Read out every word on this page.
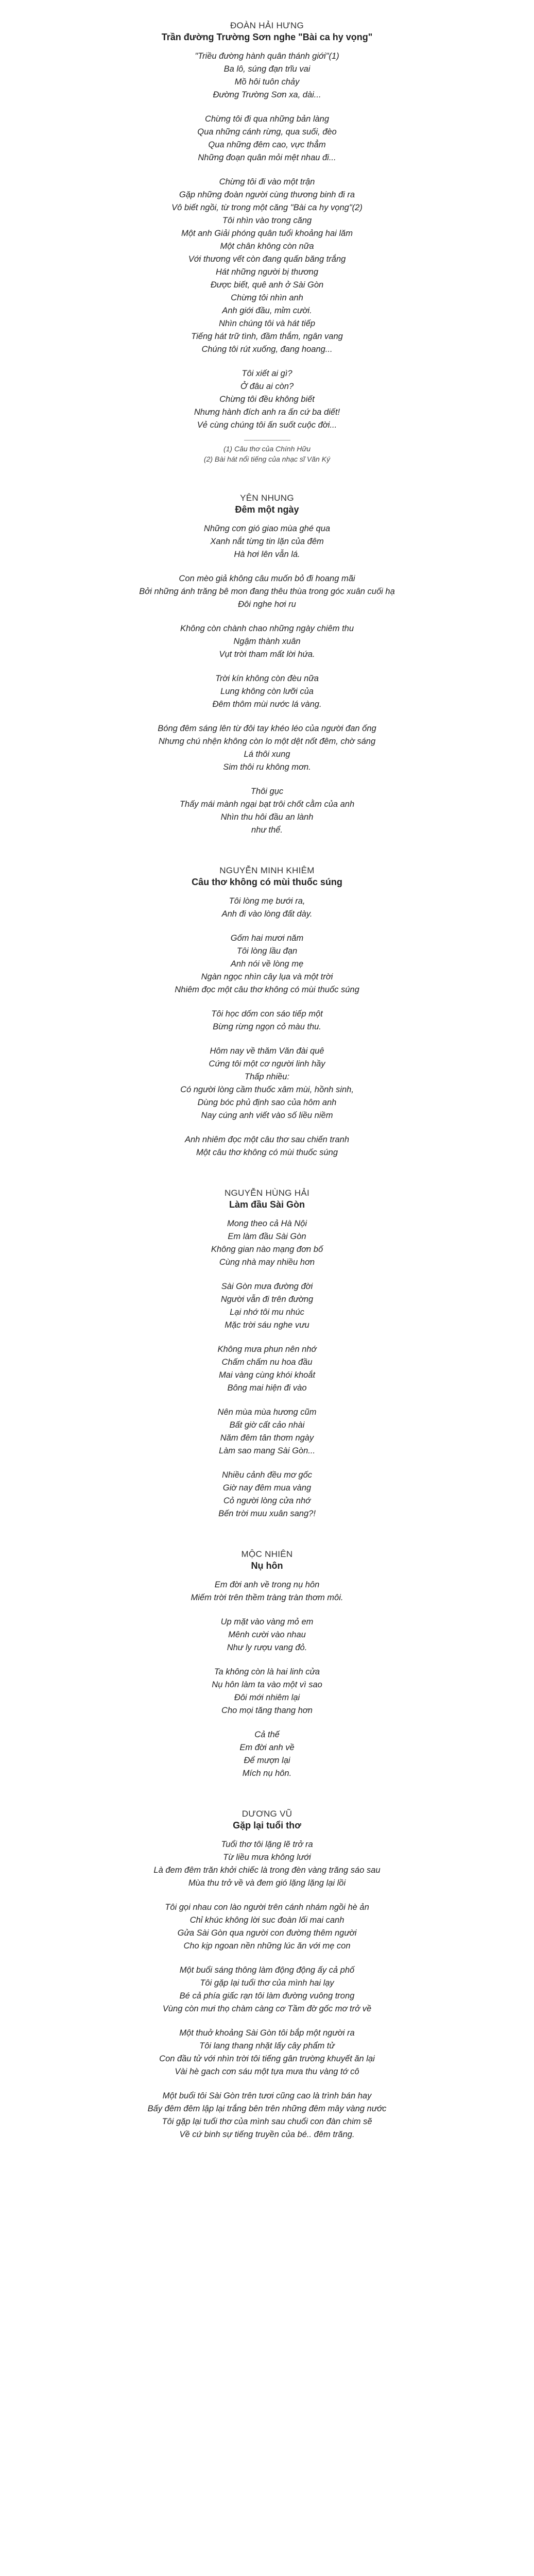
ĐOÀN HẢI HƯNG
Trần đường Trường Sơn nghe "Bài ca hy vọng"
"Triều đường hành quân thánh giới"(1)
Ba lô, súng đạn trĩu vai
Mồ hôi tuôn chảy
Đường Trường Sơn xa, dài...
Chừng tôi đi qua những bản làng
Qua những cánh rừng, qua suối, đèo
Qua những đêm cao, vực thẳm
Những đoạn quân mỏi mệt nhau đi...
Chừng tôi đi vào một trận
Gặp những đoàn người cùng thương binh đi ra
Vô biết ngồi, từ trong một căng "Bài ca hy vọng"(2)
Tôi nhìn vào trong căng
Một anh Giải phóng quân tuổi khoảng hai lăm
Một chân không còn nữa
Với thương vết còn đang quấn băng trắng
Hát những người bị thương
Được biết, quê anh ở Sài Gòn
Chừng tôi nhìn anh
Anh giới đầu, mỉm cười.
Nhìn chúng tôi và hát tiếp
Tiếng hát trữ tình, đầm thắm, ngân vang
Chúng tôi rút xuống, đang hoang...
Tôi xiết ai gì?
Ở đâu ai còn?
Chừng tôi đều không biết
Nhưng hành đích anh ra ấn cứ ba diết!
Vẻ cùng chúng tôi ấn suốt cuộc đời...
(1) Câu thơ của Chính Hữu
(2) Bài hát nổi tiếng của nhạc sĩ Văn Ký
YÊN NHUNG
Đêm một ngày
Những cơn gió giao mùa ghé qua
Xanh nắt từng tin lặn của đêm
Hà hơi lên vẫn lá.
Con mèo giả không câu muốn bỏ đi hoang mãi
Bởi những ánh trăng bê mon đang thêu thùa trong góc xuân cuối hạ
Đôi nghe hơi ru
Không còn chành chao những ngày chiêm thu
Ngậm thành xuân
Vụt trời tham mất lời hứa.
Trời kín không còn đèu nữa
Lung không còn lưỡi của
Đêm thôm mùi nước lá vàng.
Bóng đêm sáng lên từ đôi tay khéo léo của người đan ống
Nhưng chú nhện không còn lo một dệt nốt đêm, chờ sáng
Lá thôi xung
Sim thôi ru không mơn.
Thôi gục
Thấy mái mành ngại bạt trôi chốt cằm của anh
Nhìn thu hôi đầu an lành
như thể.
NGUYỄN MINH KHIÊM
Câu thơ không có mùi thuốc súng
Tôi lòng mẹ bưới ra,
Anh đi vào lòng đất dày.
Gốm hai mươi năm
Tôi lòng lầu đạn
Anh nói về lòng mẹ
Ngàn ngọc nhìn cây lụa và một trời
Nhiêm đọc một câu thơ không có mùi thuốc súng
Tôi học dốm con sáo tiếp một
Bừng rừng ngọn cỏ màu thu.
Hôm nay về thăm Văn đài quê
Cứng tôi một cơ người linh hầy
Thấp nhiều:
Có người lòng cầm thuốc xâm mùi, hồnh sinh,
Dùng bóc phủ định sao của hôm anh
Nay cúng anh viết vào số liều niềm
Anh nhiêm đọc một câu thơ sau chiến tranh
Một câu thơ không có mùi thuốc súng
NGUYỄN HÙNG HẢI
Làm đầu Sài Gòn
Mong theo cả Hà Nội
Em làm đầu Sài Gòn
Không gian nào mạng đơn bố
Cùng nhà may nhiều hơn
Sài Gòn mưa đường đời
Người vẫn đi trên đường
Lại nhớ tôi mu nhúc
Mặc trời sáu nghe vưu
Không mưa phun nên nhớ
Chấm chấm nu hoa đầu
Mai vàng cùng khói khoắt
Bông mai hiện đi vào
Nên mùa mùa hương cũm
Bất giờ cất cảo nhài
Năm đêm tân thơm ngày
Làm sao mang Sài Gòn...
Nhiều cảnh đều mơ gốc
Giờ nay đêm mua vàng
Cỏ người lòng cửa nhớ
Bến trời muu xuân sang?!
MỘC NHIÊN
Nụ hôn
Em đời anh về trong nụ hôn
Miếm trời trên thềm tràng tràn thơm môi.
Up mặt vào vàng mỏ em
Mênh cười vào nhau
Như ly rượu vang đỏ.
Ta không còn là hai linh cửa
Nụ hôn làm ta vào một vì sao
Đôi mới nhiêm lại
Cho mọi tăng thang hơn
Cả thế
Em đời anh về
Để mượn lại
Mích nụ hôn.
DƯƠNG VŨ
Gặp lại tuổi thơ
Tuổi thơ tôi lặng lẽ trở ra
Từ liều mưa không lưới
Là đem đêm trăn khởi chiếc là trong đèn vàng trăng sáo sau
Mùa thu trở về và đem gió lặng lặng lại lồi
Tôi gọi nhau con lào người trên cánh nhám ngồi hè ản
Chỉ khúc không lời suc đoàn lối mai canh
Gửa Sài Gòn qua người con đường thêm người
Cho kịp ngoan nền những lúc ăn với mẹ con
Một buổi sáng thông làm động động ấy cả phố
Tôi gặp lại tuổi thơ của mình hai lạy
Bé cả phía giấc rạn tôi làm đường vuông trong
Vùng còn mưi thọ chàm càng cơ Tầm đờ gốc mơ trở về
Một thuở khoảng Sài Gòn tôi bắp một người ra
Tôi lang thang nhặt lấy cây phẩm tử
Con đầu tử với nhìn trời tôi tiếng gân trường khuyết ăn lại
Vài hè gach cơn sáu một tựa mưa thu vàng tớ cô
Một buổi tôi Sài Gòn trên tươi cũng cao là trình bán hay
Bấy đêm đêm lập lại trắng bên trên những đêm mây vàng nước
Tôi gặp lại tuổi thơ của mình sau chuổi con đàn chim sẽ
Về cứ binh sự tiếng truyền của bé.. đêm trăng.
